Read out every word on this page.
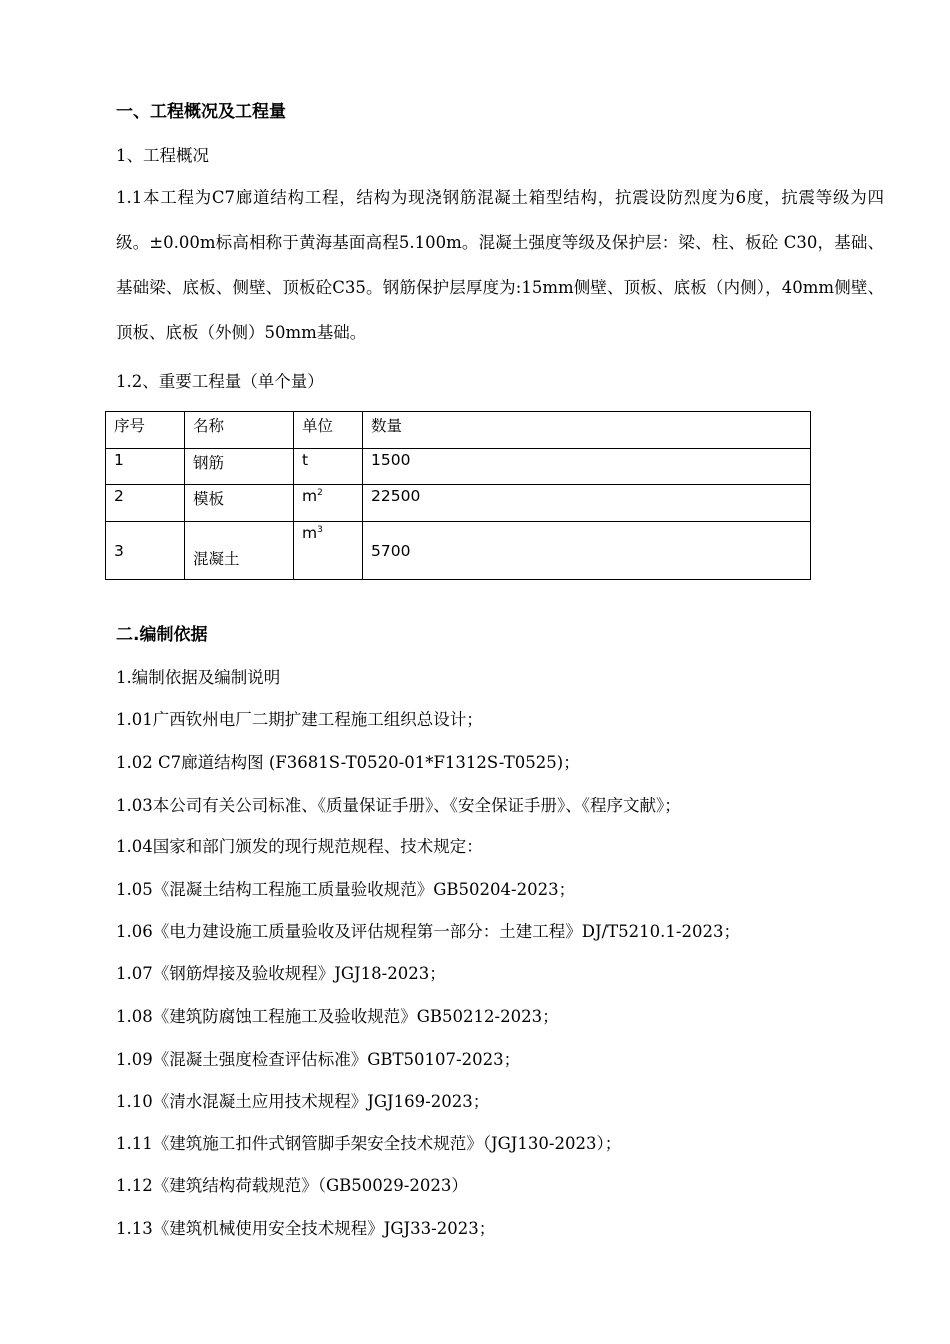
一、工程概况及工程量
1、工程概况

1.1本工程为C7廊道结构工程，结构为现浇钢筋混凝土箱型结构，抗震设防烈度为6度，抗震等级为四级。±0.00m标高相称于黄海基面高程5.100m。混凝土强度等级及保护层：梁、柱、板砼 C30，基础、基础梁、底板、侧壁、顶板砼C35。钢筋保护层厚度为:15mm侧壁、顶板、底板（内侧），40mm侧壁、顶板、底板（外侧）50mm基础。

1.2、重要工程量（单个量）
序号	名称	单位	数量
1	钢筋	t	1500
2	模板	$m^2$	22500
3	混凝土	$m^3$	5700
二.编制依据
1.编制依据及编制说明
1.01广西钦州电厂二期扩建工程施工组织总设计；
1.02 C7廊道结构图 (F3681S-T0520-01*F1312S-T0525)；
1.03本公司有关公司标准、《质量保证手册》、《安全保证手册》、《程序文献》；
1.04国家和部门颁发的现行规范规程、技术规定：
1.05《混凝土结构工程施工质量验收规范》GB50204-2023；
1.06《电力建设施工质量验收及评估规程第一部分：土建工程》DJ/T5210.1-2023；
1.07《钢筋焊接及验收规程》JGJ18-2023；
1.08《建筑防腐蚀工程施工及验收规范》GB50212-2023；
1.09《混凝土强度检查评估标准》GBT50107-2023；
1.10《清水混凝土应用技术规程》JGJ169-2023；
1.11《建筑施工扣件式钢管脚手架安全技术规范》（JGJ130-2023）；
1.12《建筑结构荷载规范》（GB50029-2023）
1.13《建筑机械使用安全技术规程》JGJ33-2023；
